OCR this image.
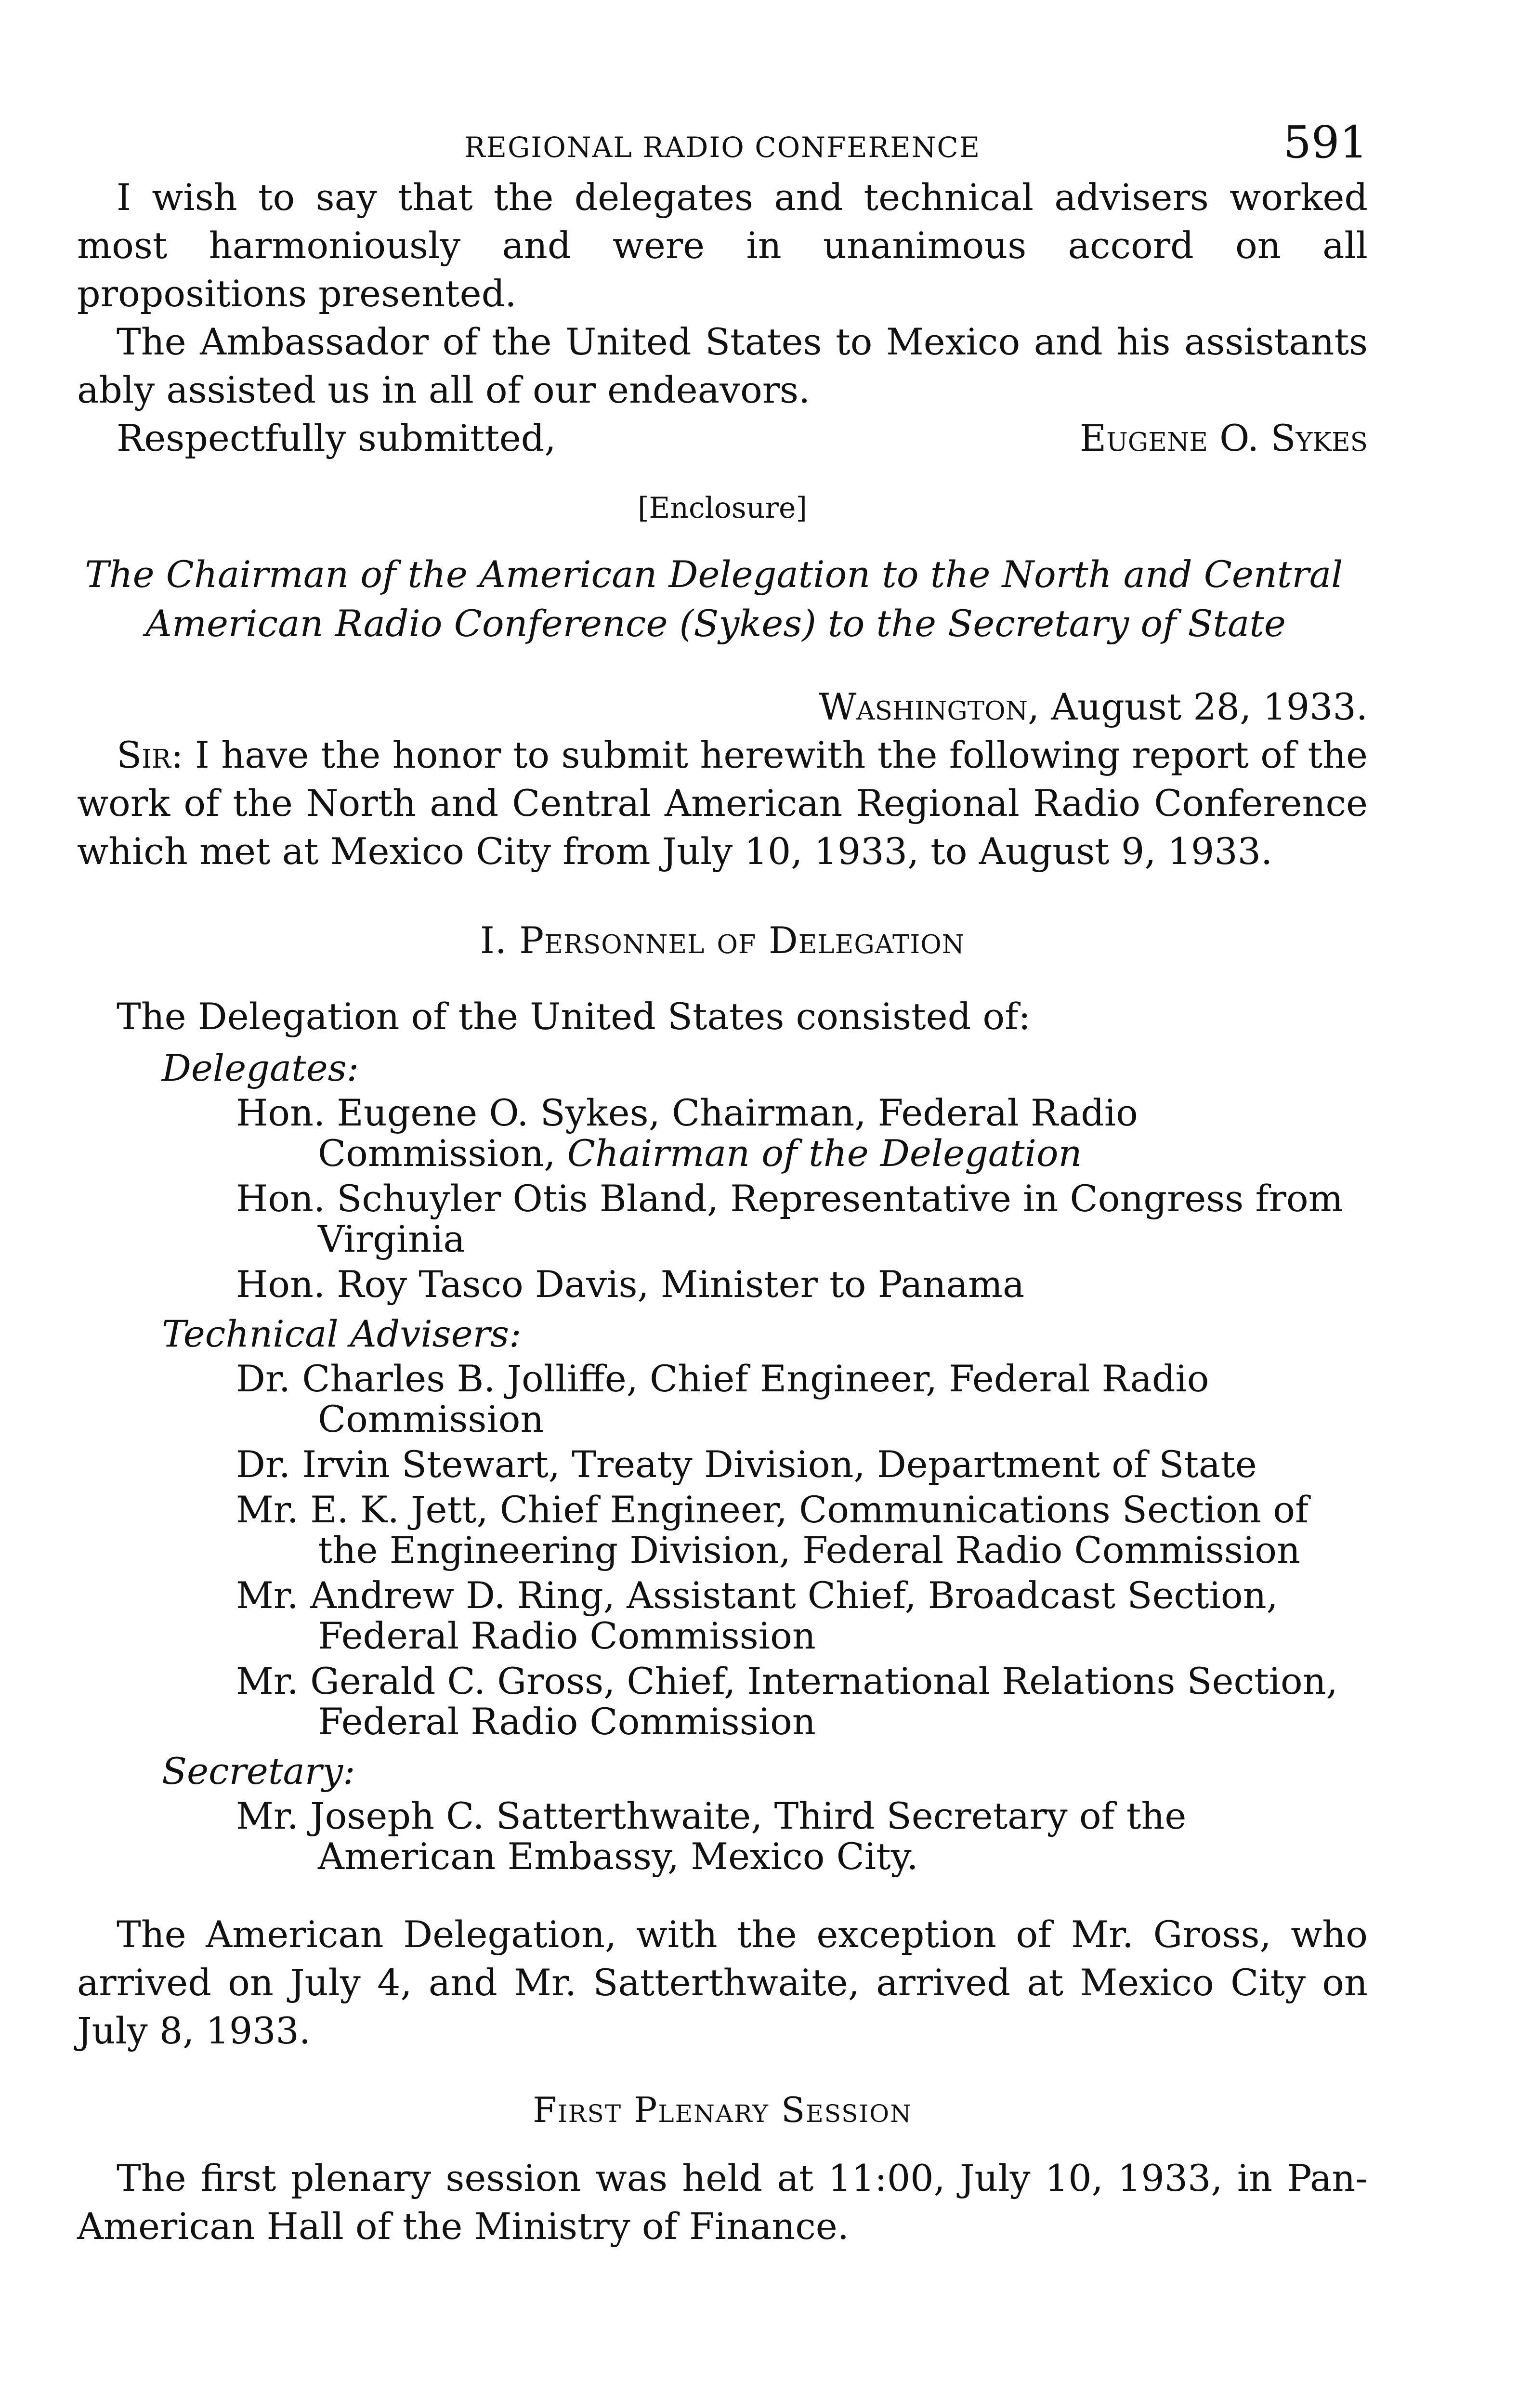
REGIONAL RADIO CONFERENCE	591

I wish to say that the delegates and technical advisers worked most harmoniously and were in unanimous accord on all propositions presented.

The Ambassador of the United States to Mexico and his assistants ably assisted us in all of our endeavors.

Respectfully submitted,	Eugene O. Sykes
[Enclosure]
The Chairman of the American Delegation to the North and Central
American Radio Conference (Sykes) to the Secretary of State
Washington, August 28, 1933.

Sir: I have the honor to submit herewith the following report of the work of the North and Central American Regional Radio Conference which met at Mexico City from July 10, 1933, to August 9, 1933.

I. Personnel of Delegation

The Delegation of the United States consisted of:

Delegates:

Hon. Eugene O. Sykes, Chairman, Federal Radio Commission, Chairman of the Delegation

Hon. Schuyler Otis Bland, Representative in Congress from Virginia

Hon. Roy Tasco Davis, Minister to Panama

Technical Advisers:

Dr. Charles B. Jolliffe, Chief Engineer, Federal Radio Commission

Dr. Irvin Stewart, Treaty Division, Department of State

Mr. E. K. Jett, Chief Engineer, Communications Section of the Engineering Division, Federal Radio Commission

Mr. Andrew D. Ring, Assistant Chief, Broadcast Section, Federal Radio Commission

Mr. Gerald C. Gross, Chief, International Relations Section, Federal Radio Commission

Secretary:

Mr. Joseph C. Satterthwaite, Third Secretary of the American Embassy, Mexico City.

The American Delegation, with the exception of Mr. Gross, who arrived on July 4, and Mr. Satterthwaite, arrived at Mexico City on July 8, 1933.

First Plenary Session

The first plenary session was held at 11:00, July 10, 1933, in Pan-American Hall of the Ministry of Finance.
